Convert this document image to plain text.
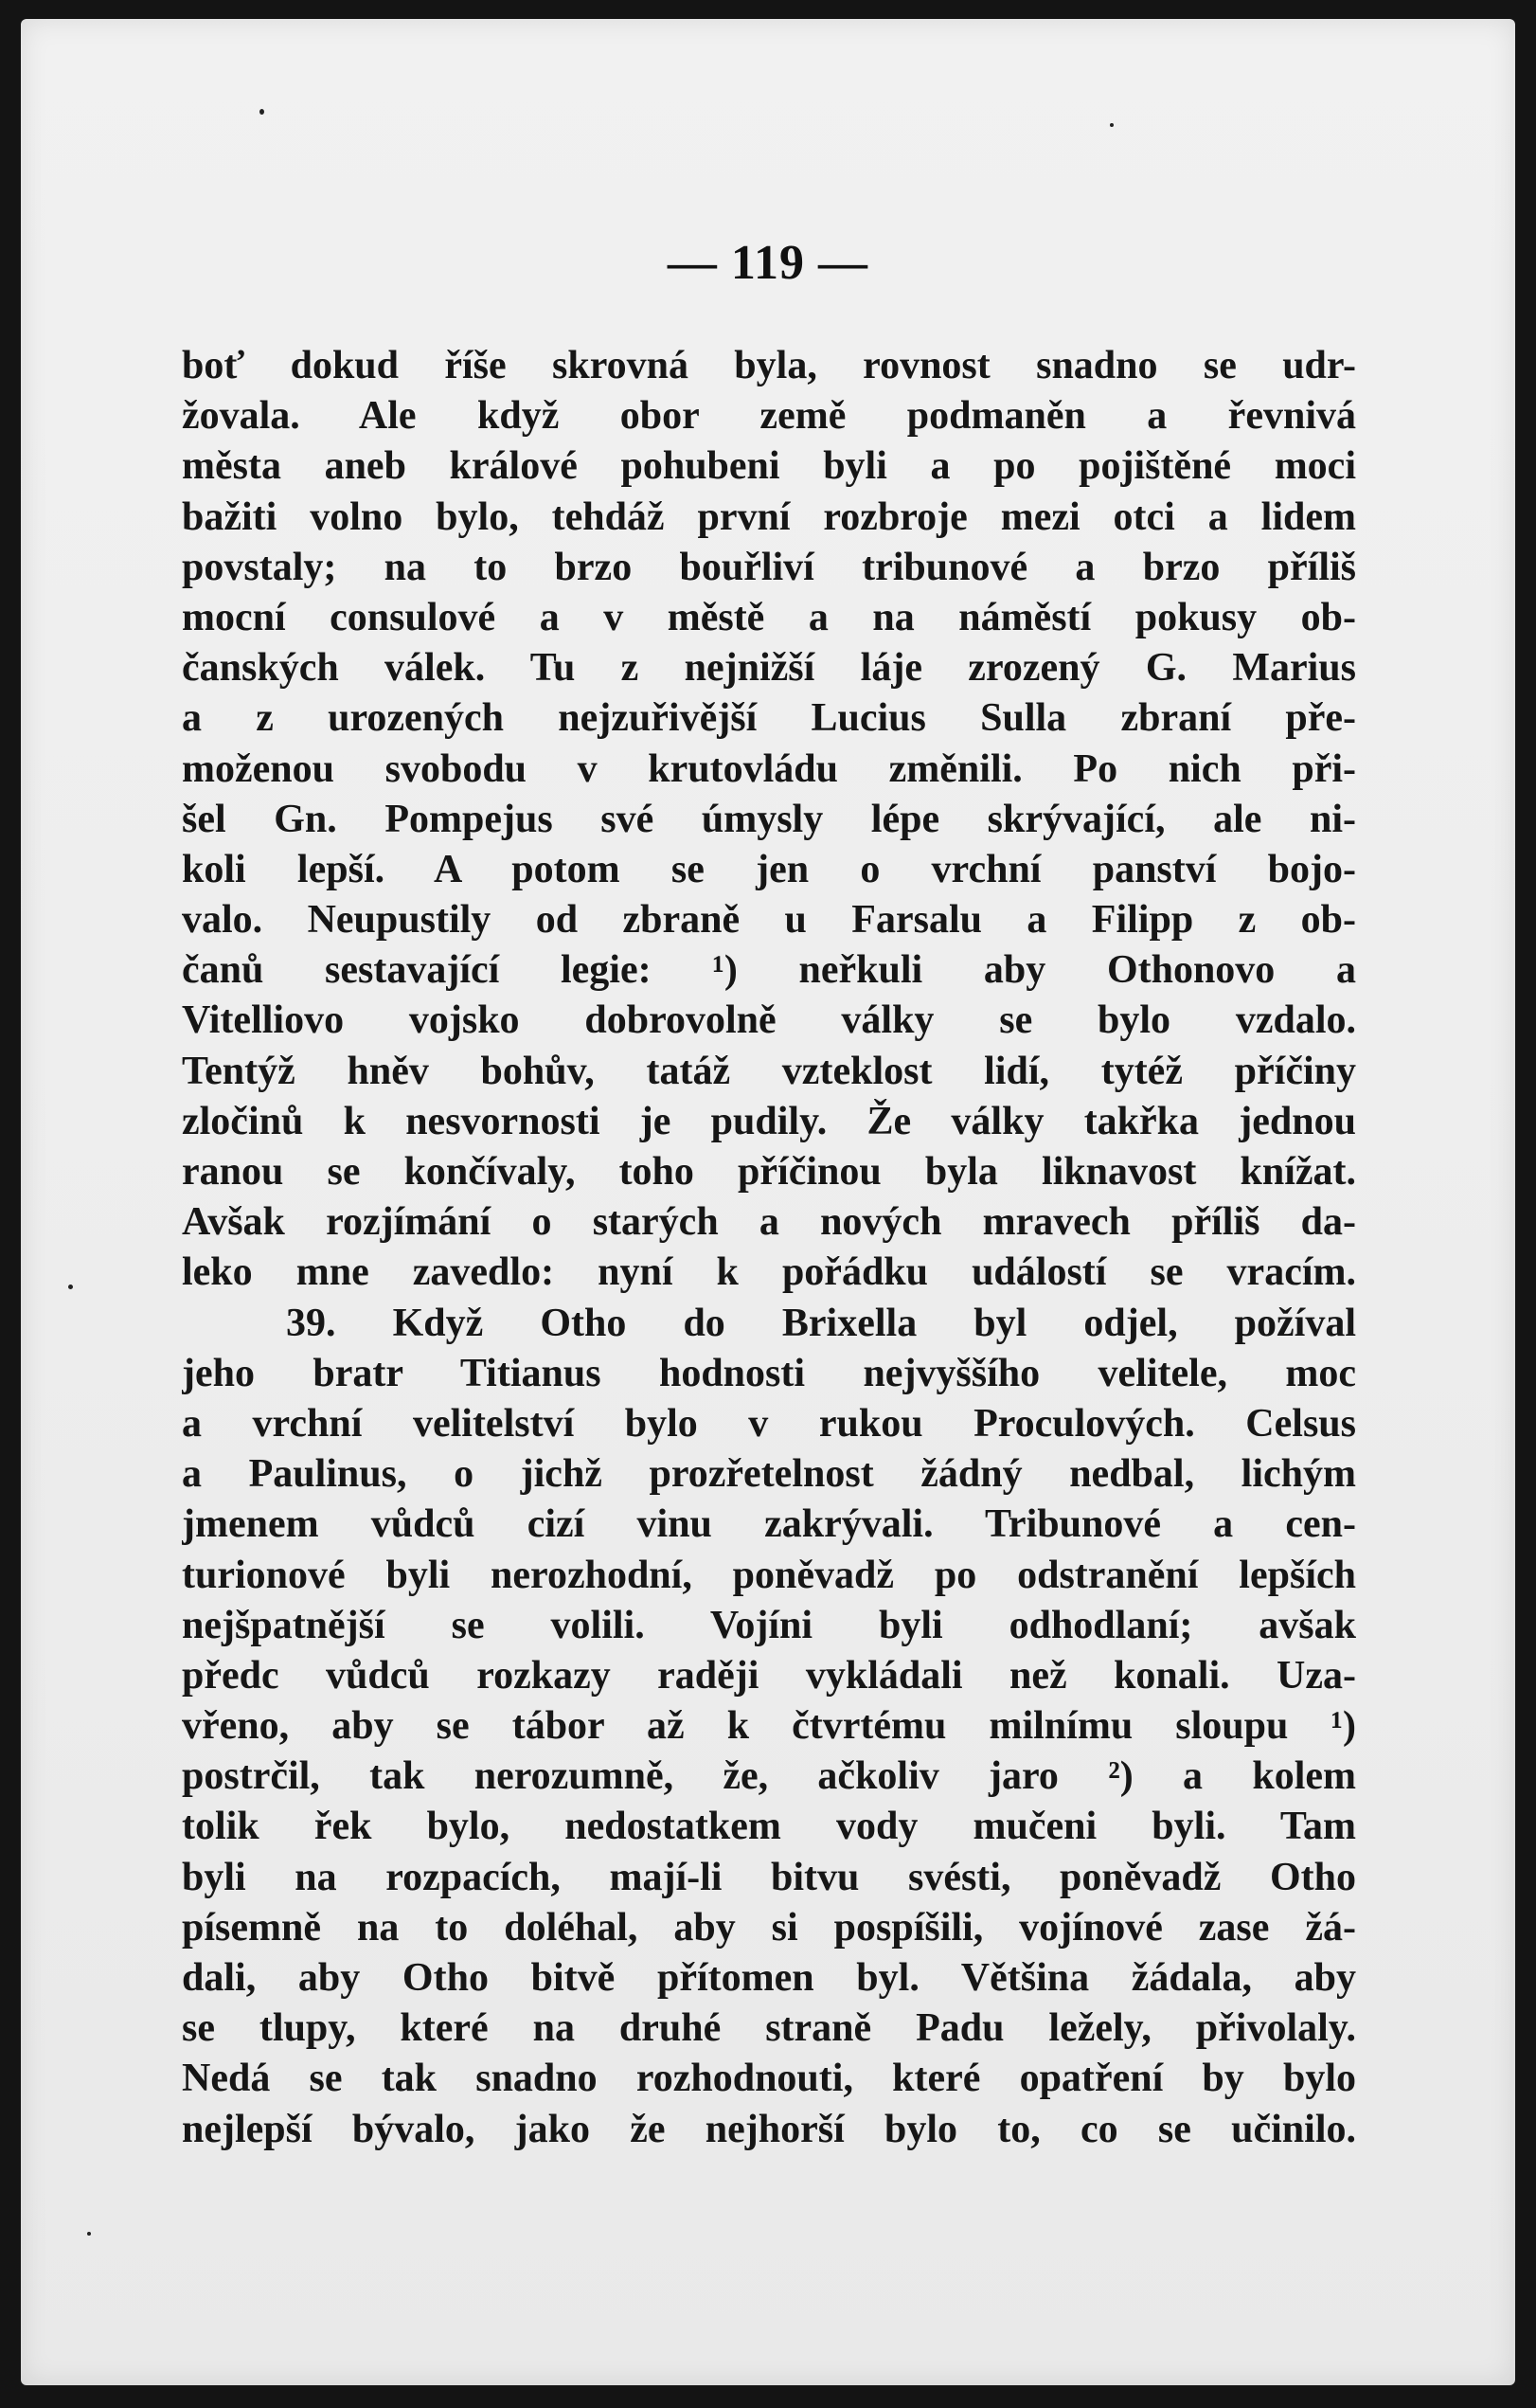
— 119 —
boť dokud říše skrovná byla, rovnost snadno se udr-
žovala. Ale když obor země podmaněn a řevnivá
města aneb králové pohubeni byli a po pojištěné moci
bažiti volno bylo, tehdáž první rozbroje mezi otci a lidem
povstaly; na to brzo bouřliví tribunové a brzo příliš
mocní consulové a v městě a na náměstí pokusy ob-
čanských válek. Tu z nejnižší láje zrozený G. Marius
a z urozených nejzuřivější Lucius Sulla zbraní pře-
moženou svobodu v krutovládu změnili. Po nich při-
šel Gn. Pompejus své úmysly lépe skrývající, ale ni-
koli lepší. A potom se jen o vrchní panství bojo-
valo. Neupustily od zbraně u Farsalu a Filipp z ob-
čanů sestavající legie: ¹) neřkuli aby Othonovo a
Vitelliovo vojsko dobrovolně války se bylo vzdalo.
Tentýž hněv bohův, tatáž vzteklost lidí, tytéž příčiny
zločinů k nesvornosti je pudily. Že války takřka jednou
ranou se končívaly, toho příčinou byla liknavost knížat.
Avšak rozjímání o starých a nových mravech příliš da-
leko mne zavedlo: nyní k pořádku událostí se vracím.
39. Když Otho do Brixella byl odjel, požíval
jeho bratr Titianus hodnosti nejvyššího velitele, moc
a vrchní velitelství bylo v rukou Proculových. Celsus
a Paulinus, o jichž prozřetelnost žádný nedbal, lichým
jmenem vůdců cizí vinu zakrývali. Tribunové a cen-
turionové byli nerozhodní, poněvadž po odstranění lepších
nejšpatnější se volili. Vojíni byli odhodlaní; avšak
předc vůdců rozkazy raději vykládali než konali. Uza-
vřeno, aby se tábor až k čtvrtému milnímu sloupu ¹)
postrčil, tak nerozumně, že, ačkoliv jaro ²) a kolem
tolik řek bylo, nedostatkem vody mučeni byli. Tam
byli na rozpacích, mají-li bitvu svésti, poněvadž Otho
písemně na to doléhal, aby si pospíšili, vojínové zase žá-
dali, aby Otho bitvě přítomen byl. Většina žádala, aby
se tlupy, které na druhé straně Padu ležely, přivolaly.
Nedá se tak snadno rozhodnouti, které opatření by bylo
nejlepší bývalo, jako že nejhorší bylo to, co se učinilo.
